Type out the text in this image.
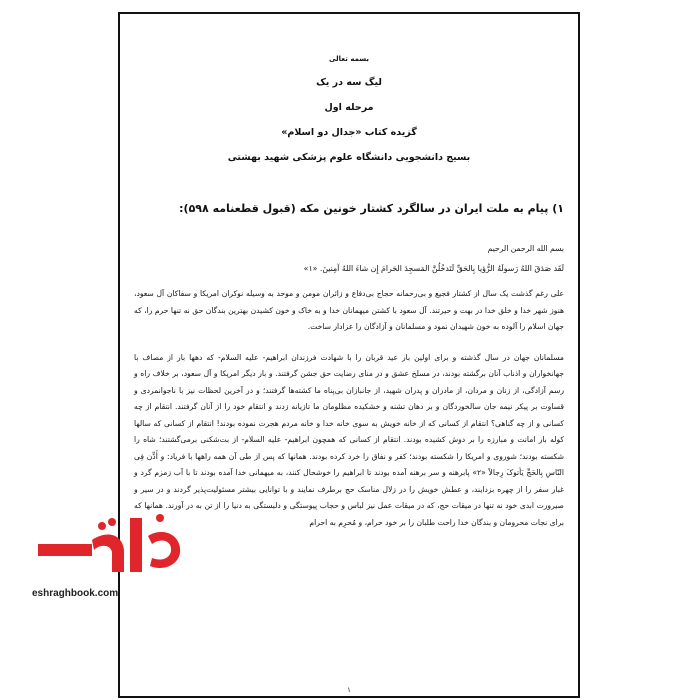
بسمه تعالی
لیگ سه در یک
مرحله اول
گزیده کتاب «جدال دو اسلام»
بسیج دانشجویی دانشگاه علوم پزشکی شهید بهشتی
۱) پیام به ملت ایران در سالگرد کشتار خونین مکه (قبول قطعنامه ۵۹۸):
بسم الله الرحمن الرحیم
لَقَد صَدَقَ اللهُ رَسولَهُ الرُّؤیا بِالحَقِّ لَتَدخُلُنَّ المَسجِدَ الحَرامَ إِن شاءَ اللهُ آمِنینَ. «۱»

علی رغم گذشت یک سال از کشتار فجیع و بی‌رحمانه حجاج بی‌دفاع و زائران مومن و موحد به وسیله نوکران امریکا و سفاکان آل سعود، هنوز شهر خدا و خلق خدا در بهت و حیرتند. آل سعود با کشتن میهمانان خدا و به خاک و خون کشیدن بهترین بندگان حق نه تنها حرم را، که جهان اسلام را آلوده به خون شهیدان نمود و مسلمانان و آزادگان را عزادار ساخت.

مسلمانان جهان در سال گذشته و برای اولین بار عید قربان را با شهادت فرزندان ابراهیم- علیه السلام- که دهها بار از مصاف با جهانخواران و اذناب آنان برگشته بودند، در مسلخ عشق و در منای رضایت حق جشن گرفتند. و بار دیگر امریکا و آل سعود، بر خلاف راه و رسم آزادگی، از زنان و مردان، از مادران و پدران شهید، از جانبازان بی‌پناه ما کشته‌ها گرفتند؛ و در آخرین لحظات نیز با ناجوانمردی و قساوت بر پیکر نیمه جان سالخوردگان و بر دهان تشنه و خشکیده مظلومان ما تازیانه زدند و انتقام خود را از آنان گرفتند. انتقام از چه کسانی و از چه گناهی؟ انتقام از کسانی که از خانه خویش به سوی خانه خدا و خانه مردم هجرت نموده بودند! انتقام از کسانی که سالها کوله بار امانت و مبارزه را بر دوش کشیده بودند. انتقام از کسانی که همچون ابراهیم- علیه السلام- از بت‌شکنی برمی‌گشتند؛ شاه را شکسته بودند؛ شوروی و امریکا را شکسته بودند؛ کفر و نفاق را خرد کرده بودند. همانها که پس از طی آن همه راهها با فریاد: و أَذِّن فِی النّاسِ بِالحَجِّ یَأتوکَ رِجالاً «۲» پابرهنه و سر برهنه آمده بودند تا ابراهیم را خوشحال کنند، به میهمانی خدا آمده بودند تا با آب زمزم گرد و غبار سفر را از چهره بزدایند، و عطش خویش را در زلال مناسک حج برطرف نمایند و با توانایی بیشتر مسئولیت‌پذیر گردند و در سیر و صیرورت ابدی خود نه تنها در میقات حج، که در میقات عمل نیز لباس و حجاب پیوستگی و دلبستگی به دنیا را از تن به در آورند. همانها که برای نجات محرومان و بندگان خدا راحت طلبان را بر خود حرام، و مُحرِم به احرام

۱
eshraghbook.com
